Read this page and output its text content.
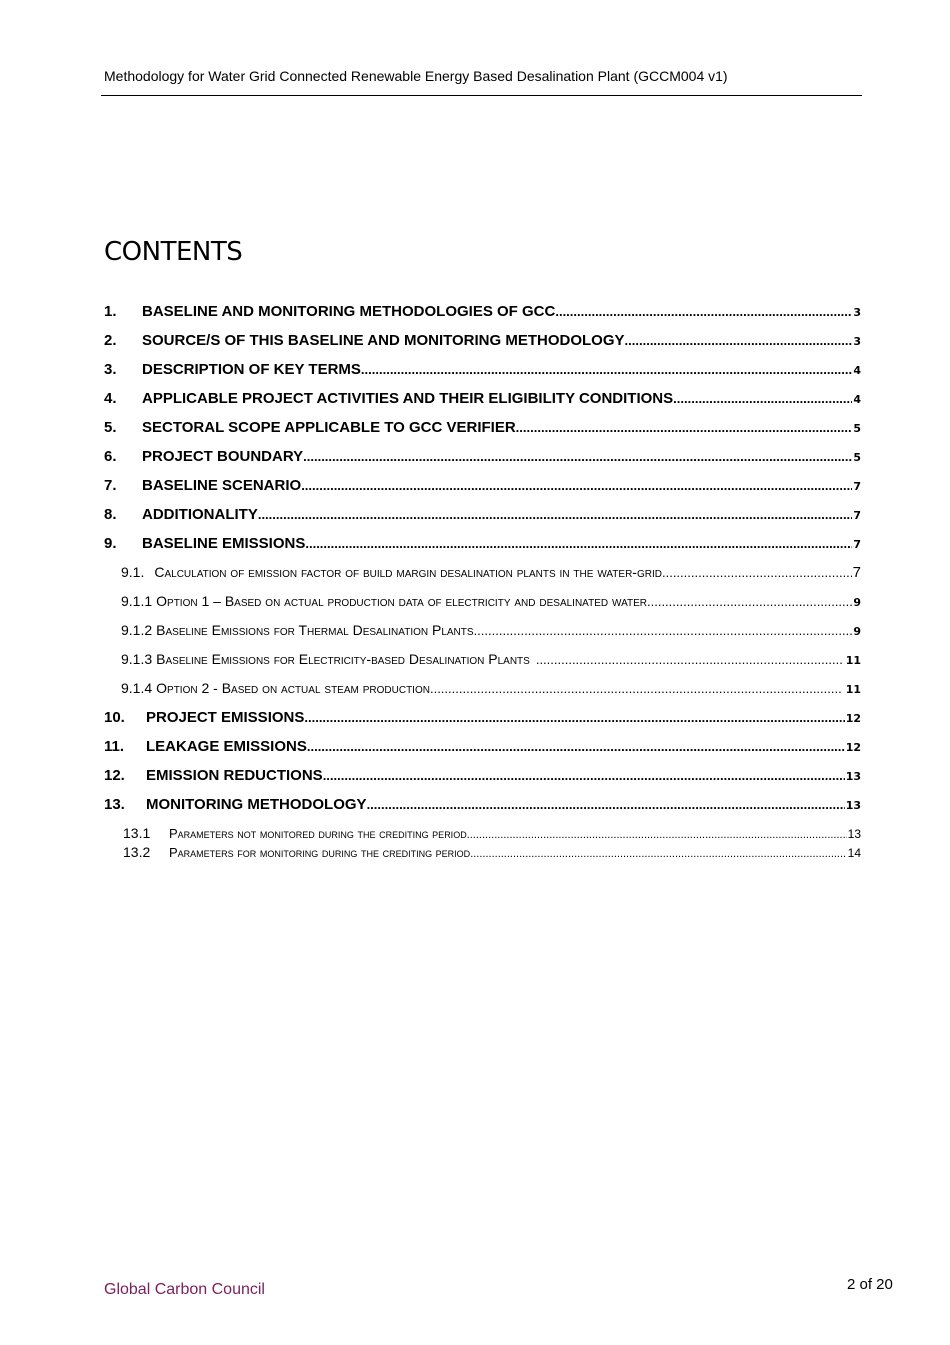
Methodology for Water Grid Connected Renewable Energy Based Desalination Plant (GCCM004 v1)
CONTENTS
1.	BASELINE AND MONITORING METHODOLOGIES OF GCC .....	3
2.	SOURCE/S OF THIS BASELINE AND MONITORING METHODOLOGY .....	3
3.	DESCRIPTION OF KEY TERMS .....	4
4.	APPLICABLE PROJECT ACTIVITIES AND THEIR ELIGIBILITY CONDITIONS .....	4
5.	SECTORAL SCOPE APPLICABLE TO GCC VERIFIER .....	5
6.	PROJECT BOUNDARY .....	5
7.	BASELINE SCENARIO .....	7
8.	ADDITIONALITY .....	7
9.	BASELINE EMISSIONS .....	7
9.1. Calculation of emission factor of build margin desalination plants in the water-grid .....	7
9.1.1 Option 1 – Based on actual production data of electricity and desalinated water .....	9
9.1.2 Baseline Emissions for Thermal Desalination Plants .....	9
9.1.3 Baseline Emissions for Electricity-based Desalination Plants .....	11
9.1.4 Option 2 - Based on actual steam production .....	11
10.	PROJECT EMISSIONS .....	12
11.	LEAKAGE EMISSIONS .....	12
12.	EMISSION REDUCTIONS .....	13
13.	MONITORING METHODOLOGY .....	13
13.1	Parameters not monitored during the crediting period .....	13
13.2	Parameters for monitoring during the crediting period .....	14
Global Carbon Council	2 of 20
